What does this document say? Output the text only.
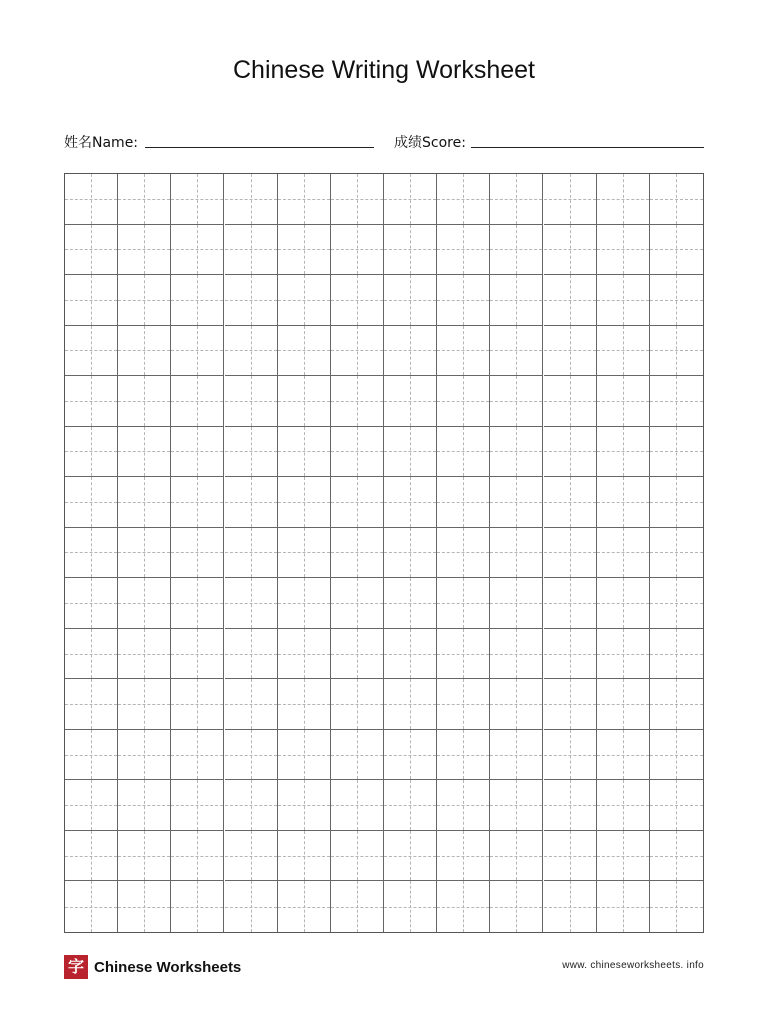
Chinese Writing Worksheet
姓名Name:	成绩Score:
字 Chinese Worksheets	www. chineseworksheets. info
